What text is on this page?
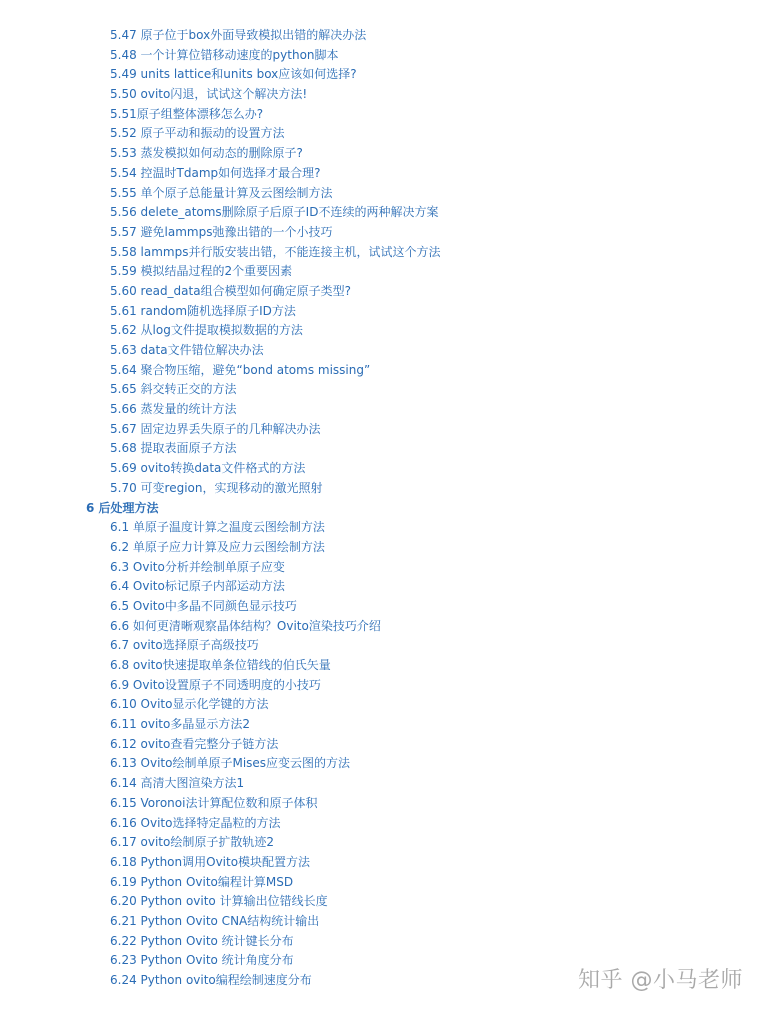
5.47 原子位于box外面导致模拟出错的解决办法
5.48 一个计算位错移动速度的python脚本
5.49 units lattice和units box应该如何选择?
5.50 ovito闪退，试试这个解决方法!
5.51原子组整体漂移怎么办?
5.52 原子平动和振动的设置方法
5.53 蒸发模拟如何动态的删除原子?
5.54 控温时Tdamp如何选择才最合理?
5.55 单个原子总能量计算及云图绘制方法
5.56 delete_atoms删除原子后原子ID不连续的两种解决方案
5.57 避免lammps弛豫出错的一个小技巧
5.58 lammps并行版安装出错，不能连接主机，试试这个方法
5.59 模拟结晶过程的2个重要因素
5.60 read_data组合模型如何确定原子类型?
5.61 random随机选择原子ID方法
5.62 从log文件提取模拟数据的方法
5.63 data文件错位解决办法
5.64 聚合物压缩，避免“bond atoms missing”
5.65 斜交转正交的方法
5.66 蒸发量的统计方法
5.67 固定边界丢失原子的几种解决办法
5.68 提取表面原子方法
5.69 ovito转换data文件格式的方法
5.70 可变region，实现移动的激光照射
6 后处理方法
6.1 单原子温度计算之温度云图绘制方法
6.2 单原子应力计算及应力云图绘制方法
6.3 Ovito分析并绘制单原子应变
6.4 Ovito标记原子内部运动方法
6.5 Ovito中多晶不同颜色显示技巧
6.6 如何更清晰观察晶体结构？Ovito渲染技巧介绍
6.7 ovito选择原子高级技巧
6.8 ovito快速提取单条位错线的伯氏矢量
6.9 Ovito设置原子不同透明度的小技巧
6.10 Ovito显示化学键的方法
6.11 ovito多晶显示方法2
6.12 ovito查看完整分子链方法
6.13 Ovito绘制单原子Mises应变云图的方法
6.14 高清大图渲染方法1
6.15 Voronoi法计算配位数和原子体积
6.16 Ovito选择特定晶粒的方法
6.17 ovito绘制原子扩散轨迹2
6.18 Python调用Ovito模块配置方法
6.19 Python Ovito编程计算MSD
6.20 Python ovito 计算输出位错线长度
6.21 Python Ovito CNA结构统计输出
6.22 Python Ovito 统计键长分布
6.23 Python Ovito 统计角度分布
6.24 Python ovito编程绘制速度分布	知乎 @小马老师
